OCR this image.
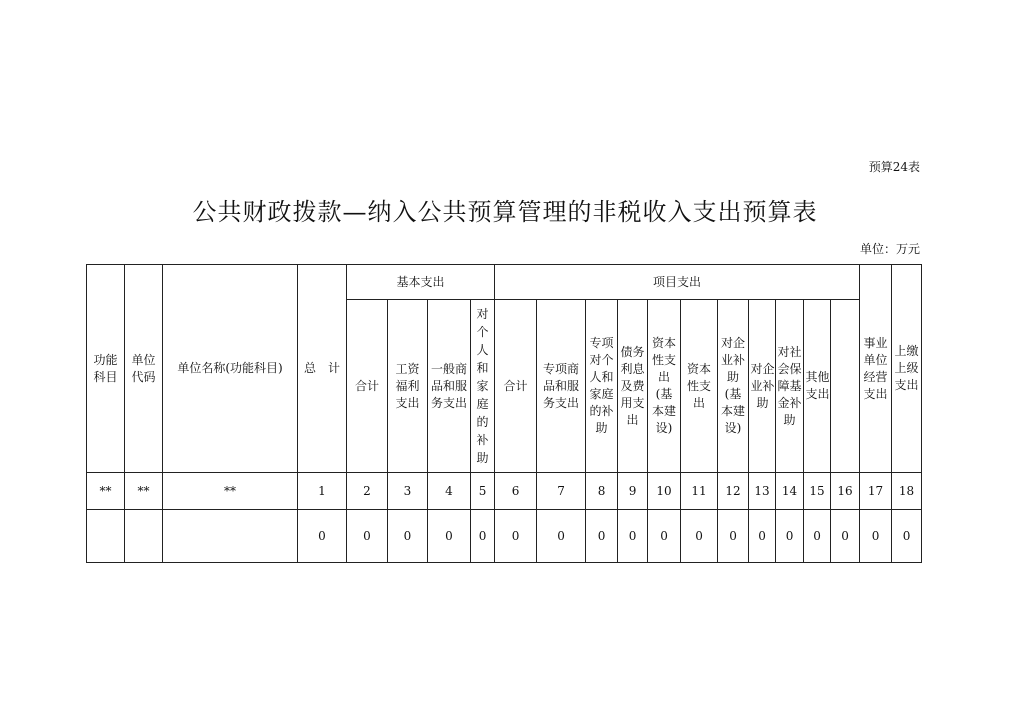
预算24表
公共财政拨款—纳入公共预算管理的非税收入支出预算表
单位：万元
功能科目	单位代码	单位名称(功能科目)	总　计	基本支出				项目支出											事业单位经营支出	上缴上级支出	
				合计	工资福利支出	一般商品和服务支出	对个人和家庭的补助	合计	专项商品和服务支出	专项对个人和家庭的补助	债务利息及费用支出	资本性支出(基本建设)	资本性支出	对企业补助(基本建设)	对企业补助	对社会保障基金补助	其他支出				
**	**	**	1	2	3	4	5	6	7	8	9	10	11	12	13	14	15	16	17	18	
			0	0	0	0	0	0	0	0	0	0	0	0	0	0	0	0	0	0	
